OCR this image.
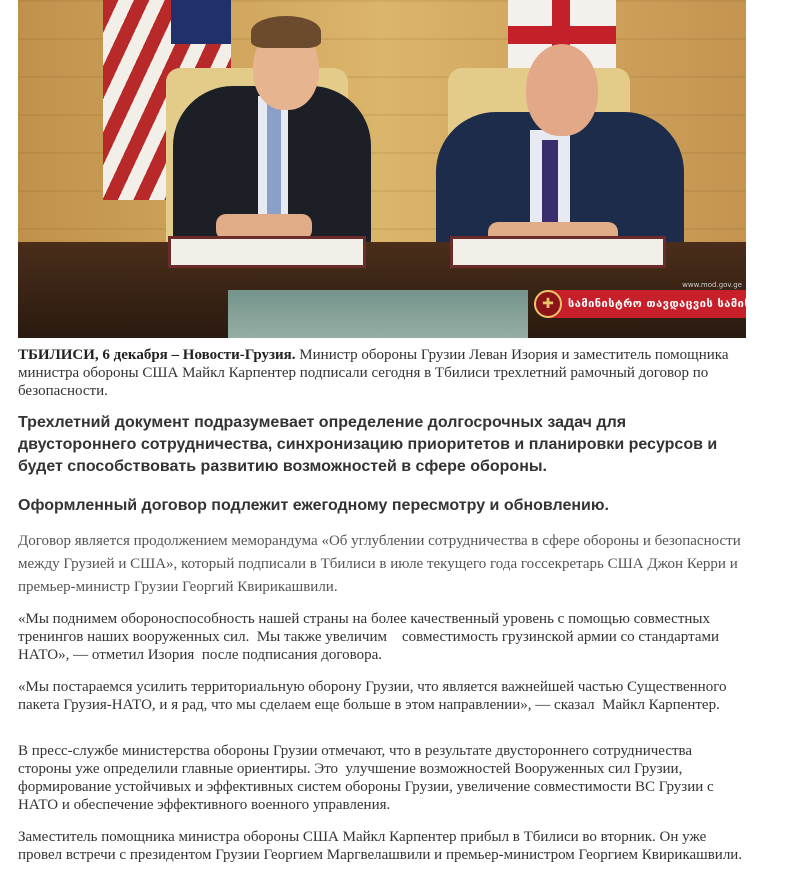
✚	სამინისტრო თავდაცვის სამინისტრო
www.mod.gov.ge

ТБИЛИСИ, 6 декабря – Новости-Грузия. Министр обороны Грузии Леван Изория и заместитель помощника министра обороны США Майкл Карпентер подписали сегодня в Тбилиси трехлетний рамочный договор по безопасности.

Трехлетний документ подразумевает определение долгосрочных задач для двустороннего сотрудничества, синхронизацию приоритетов и планировки ресурсов и будет способствовать развитию возможностей в сфере обороны.

Оформленный договор подлежит ежегодному пересмотру и обновлению.

Договор является продолжением меморандума «Об углублении сотрудничества в сфере обороны и безопасности между Грузией и США», который подписали в Тбилиси в июле текущего года госсекретарь США Джон Керри и премьер-министр Грузии Георгий Квирикашвили.

«Мы поднимем обороноспособность нашей страны на более качественный уровень с помощью совместных тренингов наших вооруженных сил.  Мы также увеличим    совместимость грузинской армии со стандартами НАТО», — отметил Изория  после подписания договора.

«Мы постараемся усилить территориальную оборону Грузии, что является важнейшей частью Существенного пакета Грузия-НАТО, и я рад, что мы сделаем еще больше в этом направлении», — сказал  Майкл Карпентер.

В пресс-службе министерства обороны Грузии отмечают, что в результате двустороннего сотрудничества стороны уже определили главные ориентиры. Это  улучшение возможностей Вооруженных сил Грузии, формирование устойчивых и эффективных систем обороны Грузии, увеличение совместимости ВС Грузии с НАТО и обеспечение эффективного военного управления.

Заместитель помощника министра обороны США Майкл Карпентер прибыл в Тбилиси во вторник. Он уже провел встречи с президентом Грузии Георгием Маргвелашвили и премьер-министром Георгием Квирикашвили.
